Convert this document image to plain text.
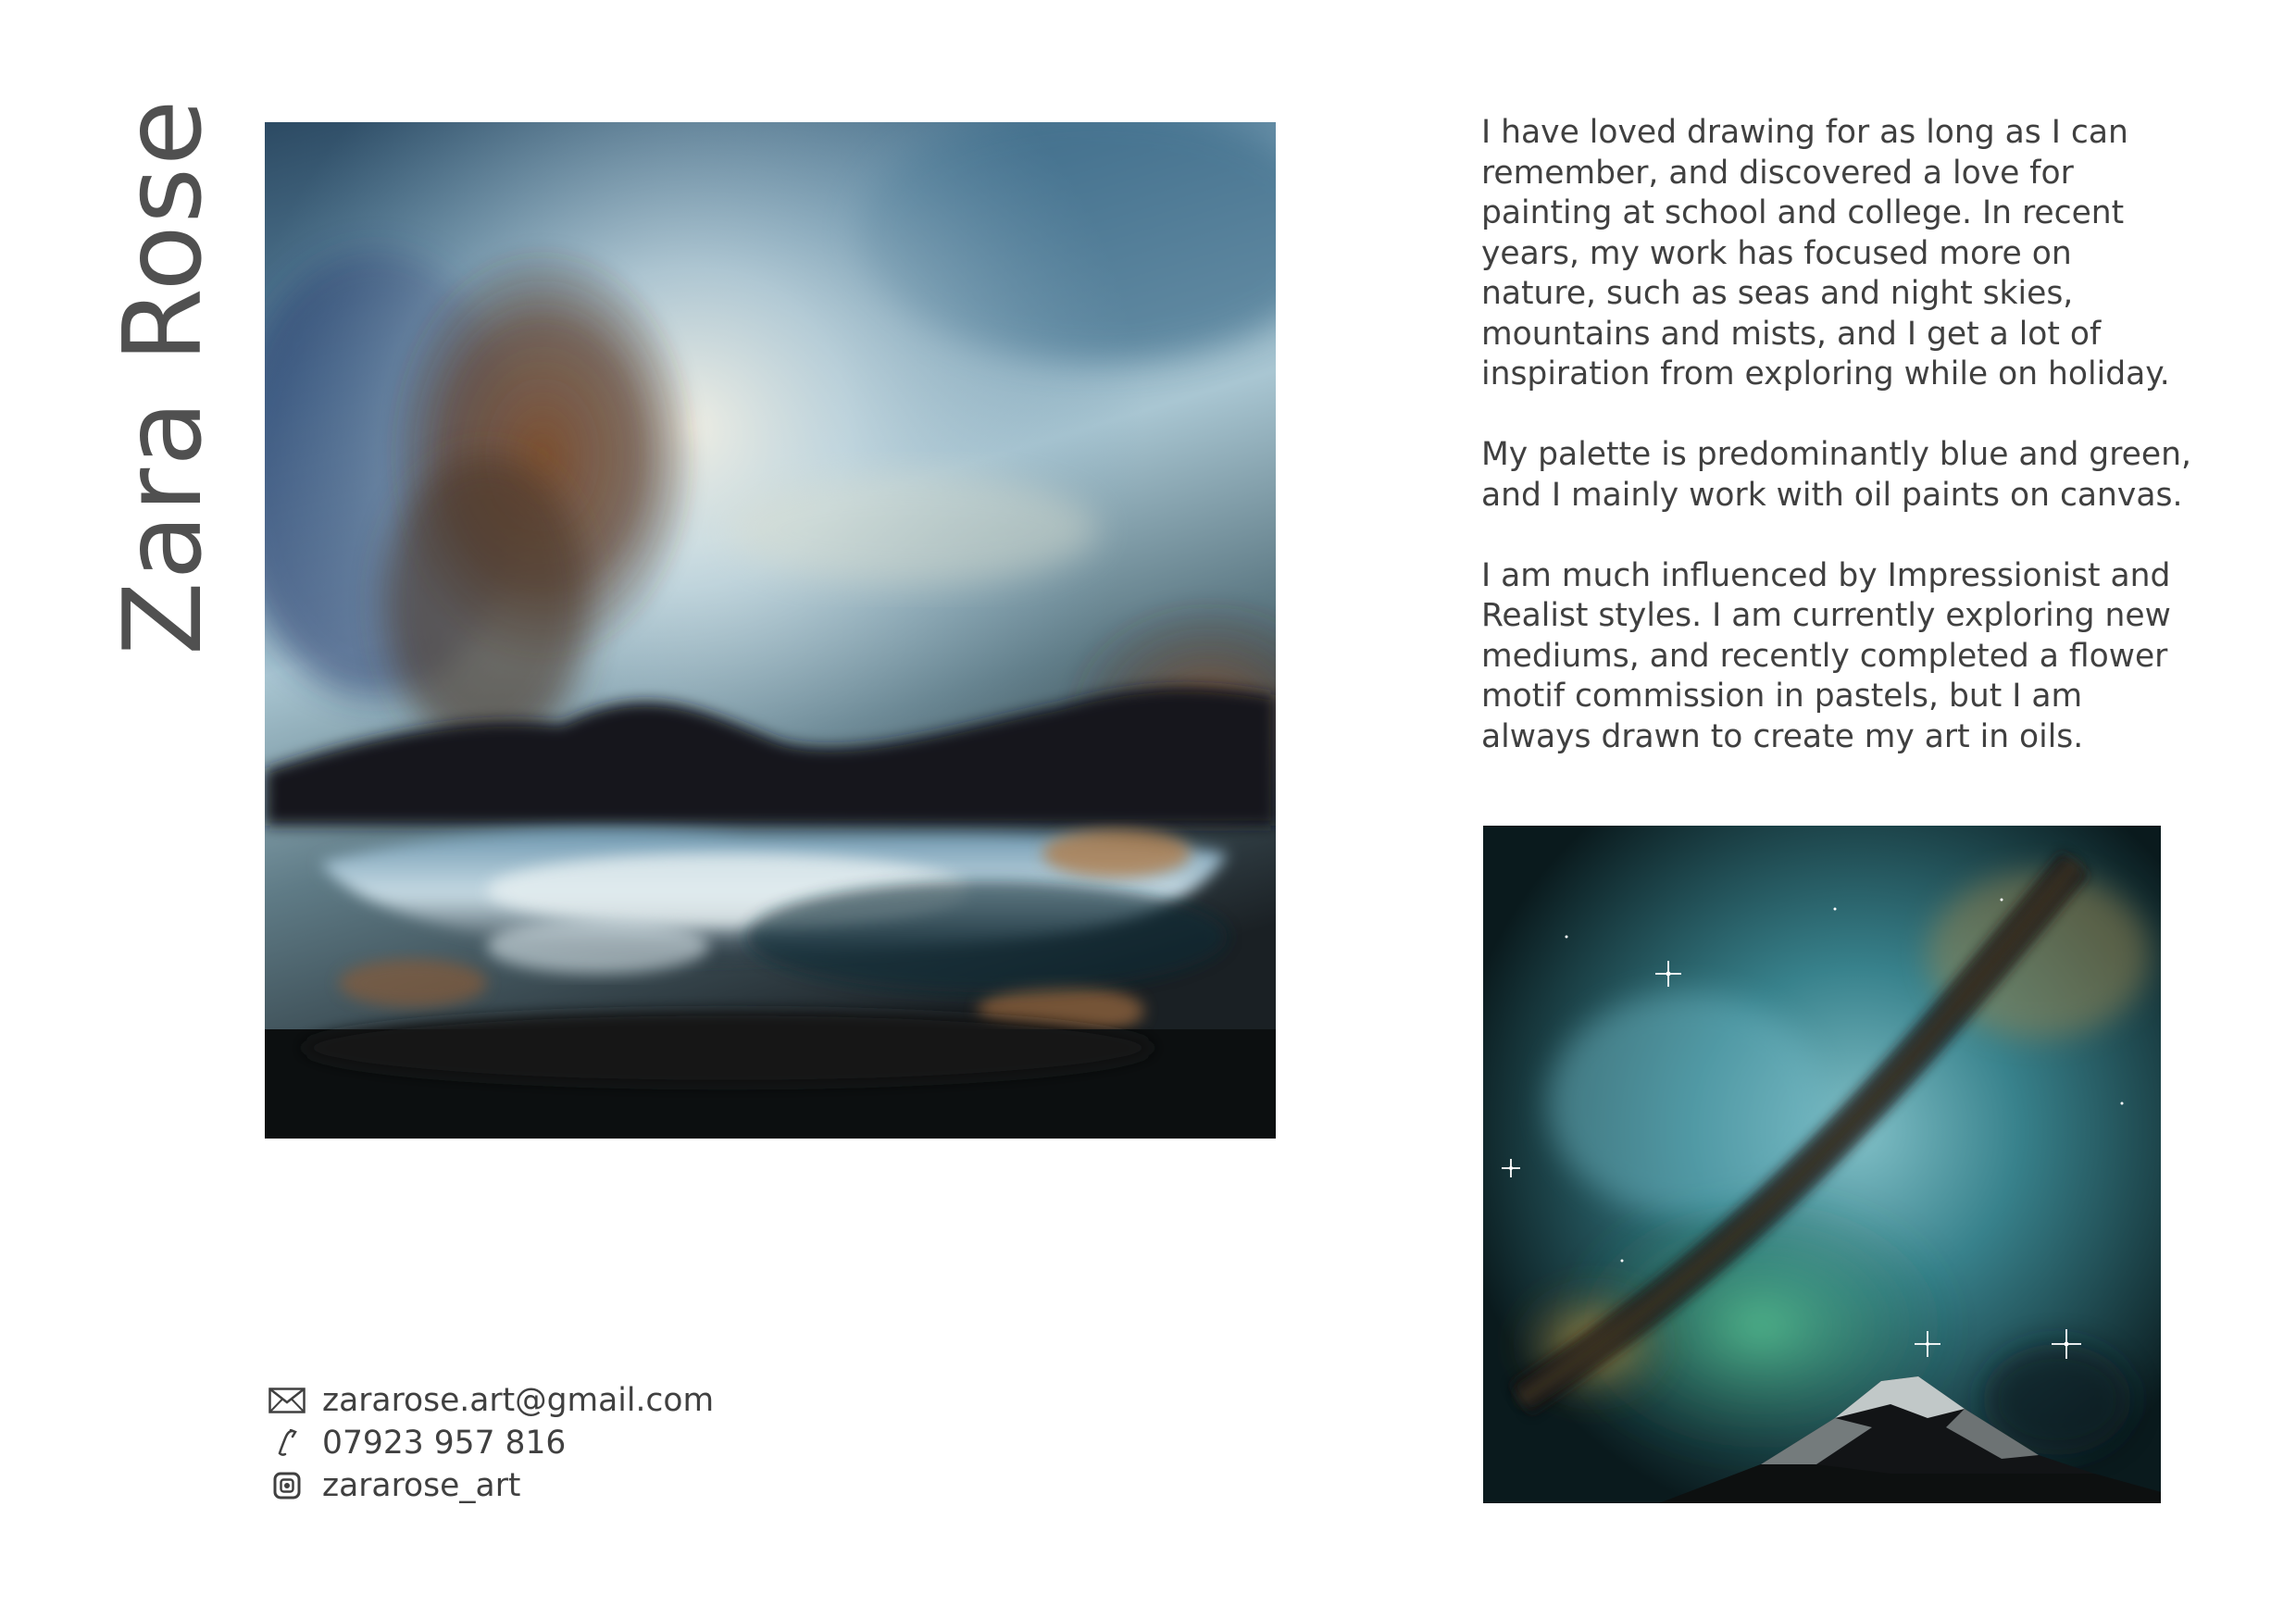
Zara Rose	I have loved drawing for as long as I can remember, and discovered a love for painting at school and college. In recent years, my work has focused more on nature, such as seas and night skies, mountains and mists, and I get a lot of inspiration from exploring while on holiday.

My palette is predominantly blue and green, and I mainly work with oil paints on canvas.

I am much influenced by Impressionist and Realist styles. I am currently exploring new mediums, and recently completed a flower motif commission in pastels, but I am always drawn to create my art in oils.

zararose.art@gmail.com
07923 957 816
zararose_art
